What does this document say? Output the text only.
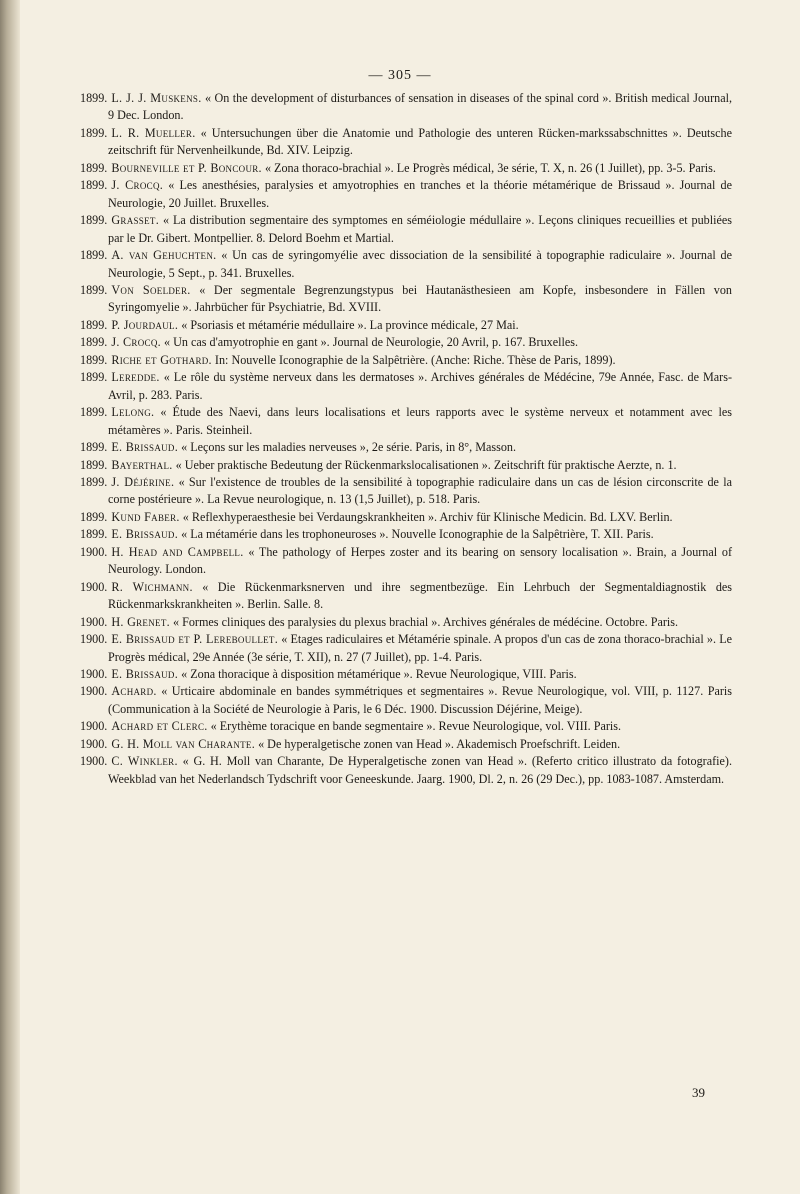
— 305 —

1899. L. J. J. Muskens. « On the development of disturbances of sensation in diseases of the spinal cord ». British medical Journal, 9 Dec. London.

1899. L. R. Mueller. « Untersuchungen über die Anatomie und Pathologie des unteren Rücken-markssabschnittes ». Deutsche zeitschrift für Nervenheilkunde, Bd. XIV. Leipzig.

1899. Bourneville et P. Boncour. « Zona thoraco-brachial ». Le Progrès médical, 3e série, T. X, n. 26 (1 Juillet), pp. 3-5. Paris.

1899. J. Crocq. « Les anesthésies, paralysies et amyotrophies en tranches et la théorie métamérique de Brissaud ». Journal de Neurologie, 20 Juillet. Bruxelles.

1899. Grasset. « La distribution segmentaire des symptomes en séméiologie médullaire ». Leçons cliniques recueillies et publiées par le Dr. Gibert. Montpellier. 8. Delord Boehm et Martial.

1899. A. van Gehuchten. « Un cas de syringomyélie avec dissociation de la sensibilité à topographie radiculaire ». Journal de Neurologie, 5 Sept., p. 341. Bruxelles.

1899. Von Soelder. « Der segmentale Begrenzungstypus bei Hautanästhesieen am Kopfe, insbesondere in Fällen von Syringomyelie ». Jahrbücher für Psychiatrie, Bd. XVIII.

1899. P. Jourdaul. « Psoriasis et métamérie médullaire ». La province médicale, 27 Mai.

1899. J. Crocq. « Un cas d'amyotrophie en gant ». Journal de Neurologie, 20 Avril, p. 167. Bruxelles.

1899. Riche et Gothard. In: Nouvelle Iconographie de la Salpêtrière. (Anche: Riche. Thèse de Paris, 1899).

1899. Leredde. « Le rôle du système nerveux dans les dermatoses ». Archives générales de Médécine, 79e Année, Fasc. de Mars-Avril, p. 283. Paris.

1899. Lelong. « Étude des Naevi, dans leurs localisations et leurs rapports avec le système nerveux et notamment avec les métamères ». Paris. Steinheil.

1899. E. Brissaud. « Leçons sur les maladies nerveuses », 2e série. Paris, in 8°, Masson.

1899. Bayerthal. « Ueber praktische Bedeutung der Rückenmarkslocalisationen ». Zeitschrift für praktische Aerzte, n. 1.

1899. J. Déjérine. « Sur l'existence de troubles de la sensibilité à topographie radiculaire dans un cas de lésion circonscrite de la corne postérieure ». La Revue neurologique, n. 13 (1,5 Juillet), p. 518. Paris.

1899. Kund Faber. « Reflexhyperaesthesie bei Verdaungskrankheiten ». Archiv für Klinische Medicin. Bd. LXV. Berlin.

1899. E. Brissaud. « La métamérie dans les trophoneuroses ». Nouvelle Iconographie de la Salpêtrière, T. XII. Paris.

1900. H. Head and Campbell. « The pathology of Herpes zoster and its bearing on sensory localisation ». Brain, a Journal of Neurology. London.

1900. R. Wichmann. « Die Rückenmarksnerven und ihre segmentbezüge. Ein Lehrbuch der Segmentaldiagnostik des Rückenmarkskrankheiten ». Berlin. Salle. 8.

1900. H. Grenet. « Formes cliniques des paralysies du plexus brachial ». Archives générales de médécine. Octobre. Paris.

1900. E. Brissaud et P. Lereboullet. « Etages radiculaires et Métamérie spinale. A propos d'un cas de zona thoraco-brachial ». Le Progrès médical, 29e Année (3e série, T. XII), n. 27 (7 Juillet), pp. 1-4. Paris.

1900. E. Brissaud. « Zona thoracique à disposition métamérique ». Revue Neurologique, VIII. Paris.

1900. Achard. « Urticaire abdominale en bandes symmétriques et segmentaires ». Revue Neurologique, vol. VIII, p. 1127. Paris (Communication à la Société de Neurologie à Paris, le 6 Déc. 1900. Discussion Déjérine, Meige).

1900. Achard et Clerc. « Erythème toracique en bande segmentaire ». Revue Neurologique, vol. VIII. Paris.

1900. G. H. Moll van Charante. « De hyperalgetische zonen van Head ». Akademisch Proefschrift. Leiden.

1900. C. Winkler. « G. H. Moll van Charante, De Hyperalgetische zonen van Head ». (Referto critico illustrato da fotografie). Weekblad van het Nederlandsch Tydschrift voor Geneeskunde. Jaarg. 1900, Dl. 2, n. 26 (29 Dec.), pp. 1083-1087. Amsterdam.

39
